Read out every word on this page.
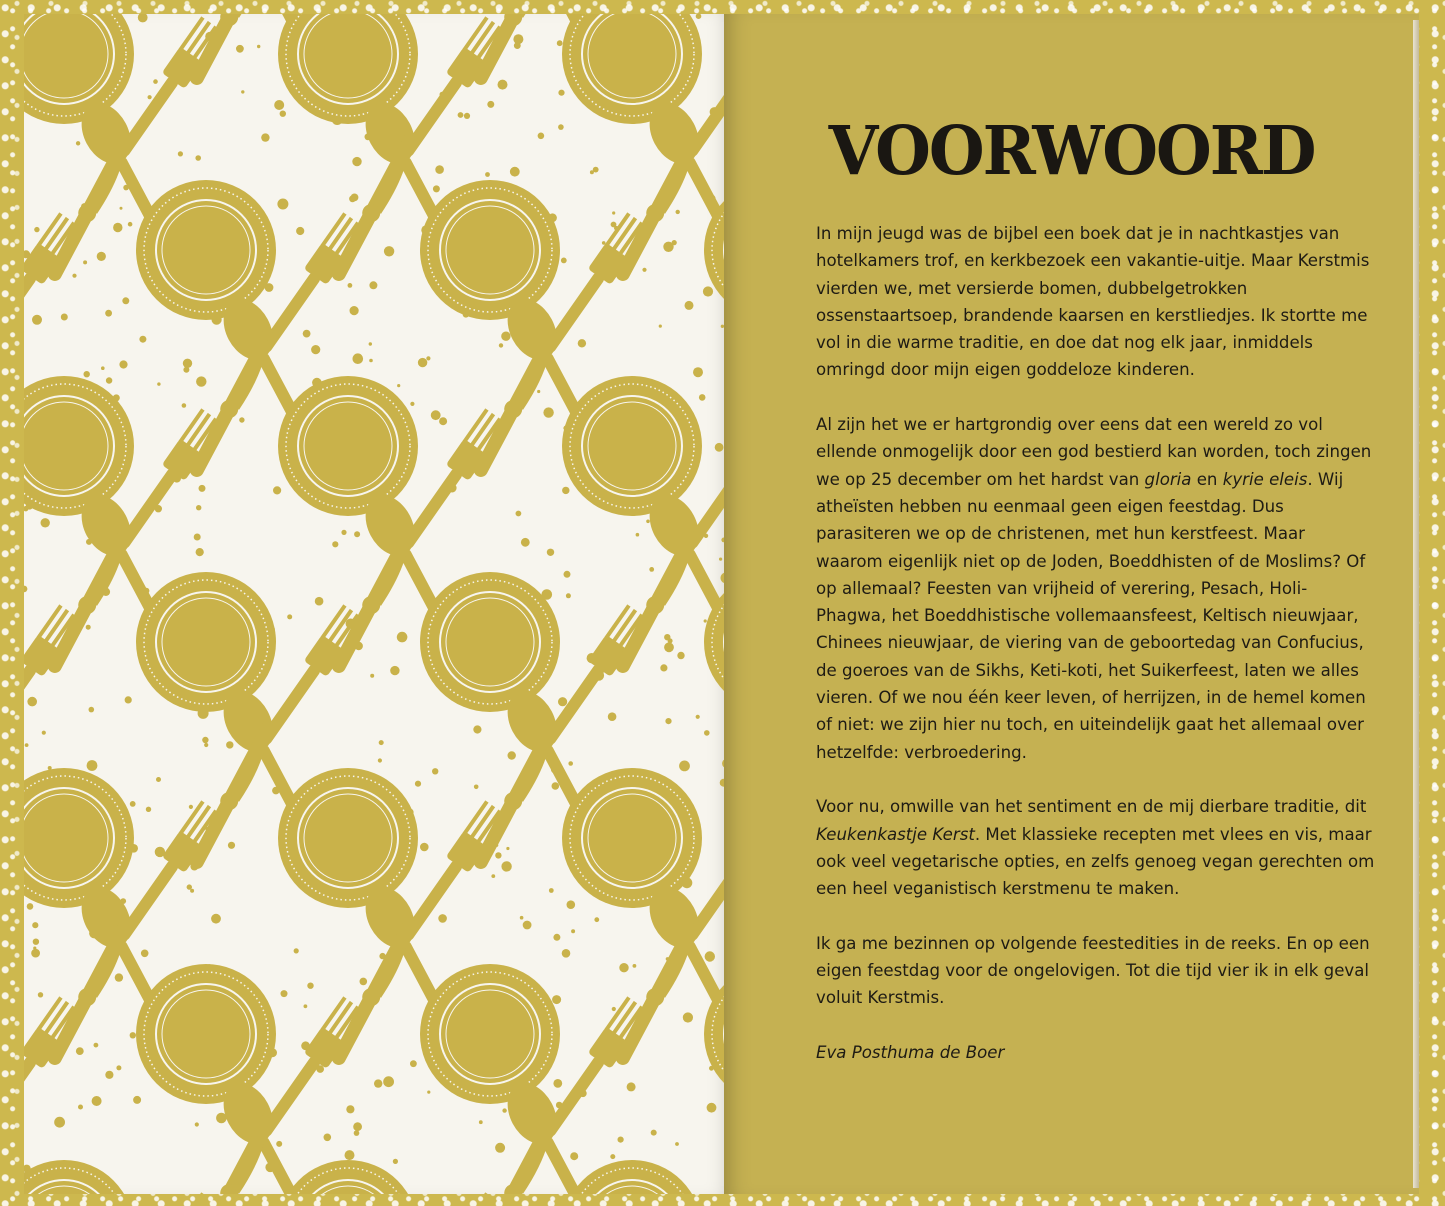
VOORWOORD

In mijn jeugd was de bijbel een boek dat je in nachtkastjes van hotelkamers trof, en kerkbezoek een vakantie-uitje. Maar Kerstmis vierden we, met versierde bomen, dubbelgetrokken ossenstaartsoep, brandende kaarsen en kerstliedjes. Ik stortte me vol in die warme traditie, en doe dat nog elk jaar, inmiddels omringd door mijn eigen goddeloze kinderen.

Al zijn het we er hartgrondig over eens dat een wereld zo vol ellende onmogelijk door een god bestierd kan worden, toch zingen we op 25 december om het hardst van gloria en kyrie eleis. Wij atheïsten hebben nu eenmaal geen eigen feestdag. Dus parasiteren we op de christenen, met hun kerstfeest. Maar waarom eigenlijk niet op de Joden, Boeddhisten of de Moslims? Of op allemaal? Feesten van vrijheid of verering, Pesach, Holi-Phagwa, het Boeddhistische vollemaansfeest, Keltisch nieuwjaar, Chinees nieuwjaar, de viering van de geboortedag van Confucius, de goeroes van de Sikhs, Keti-koti, het Suikerfeest, laten we alles vieren. Of we nou één keer leven, of herrijzen, in de hemel komen of niet: we zijn hier nu toch, en uiteindelijk gaat het allemaal over hetzelfde: verbroedering.

Voor nu, omwille van het sentiment en de mij dierbare traditie, dit Keukenkastje Kerst. Met klassieke recepten met vlees en vis, maar ook veel vegetarische opties, en zelfs genoeg vegan gerechten om een heel veganistisch kerstmenu te maken.

Ik ga me bezinnen op volgende feestedities in de reeks. En op een eigen feestdag voor de ongelovigen. Tot die tijd vier ik in elk geval voluit Kerstmis.

Eva Posthuma de Boer
